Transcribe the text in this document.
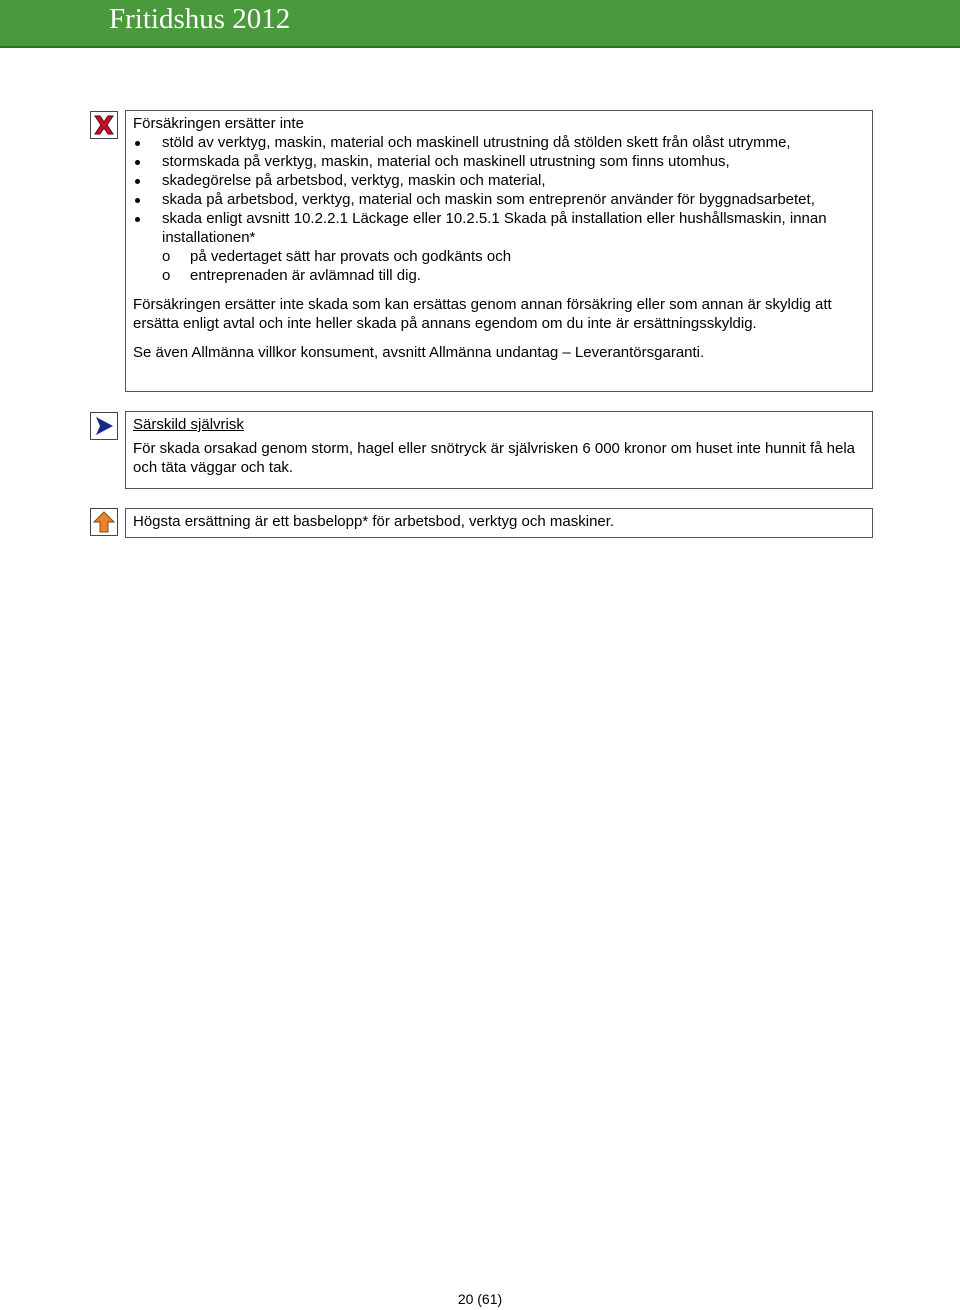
Fritidshus 2012

Försäkringen ersätter inte

stöld av verktyg, maskin, material och maskinell utrustning då stölden skett från olåst utrymme,
stormskada på verktyg, maskin, material och maskinell utrustning som finns utomhus,
skadegörelse på arbetsbod, verktyg, maskin och material,
skada på arbetsbod, verktyg, material och maskin som entreprenör använder för byggnadsarbetet,
skada enligt avsnitt 10.2.2.1 Läckage eller 10.2.5.1 Skada på installation eller hushållsmaskin, innan installationen*
o på vedertaget sätt har provats och godkänts och
o entreprenaden är avlämnad till dig.

Försäkringen ersätter inte skada som kan ersättas genom annan försäkring eller som annan är skyldig att ersätta enligt avtal och inte heller skada på annans egendom om du inte är ersättningsskyldig.

Se även Allmänna villkor konsument, avsnitt Allmänna undantag – Leverantörsgaranti.

Särskild självrisk

För skada orsakad genom storm, hagel eller snötryck är självrisken 6 000 kronor om huset inte hunnit få hela och täta väggar och tak.

Högsta ersättning är ett basbelopp* för arbetsbod, verktyg och maskiner.

20 (61)
